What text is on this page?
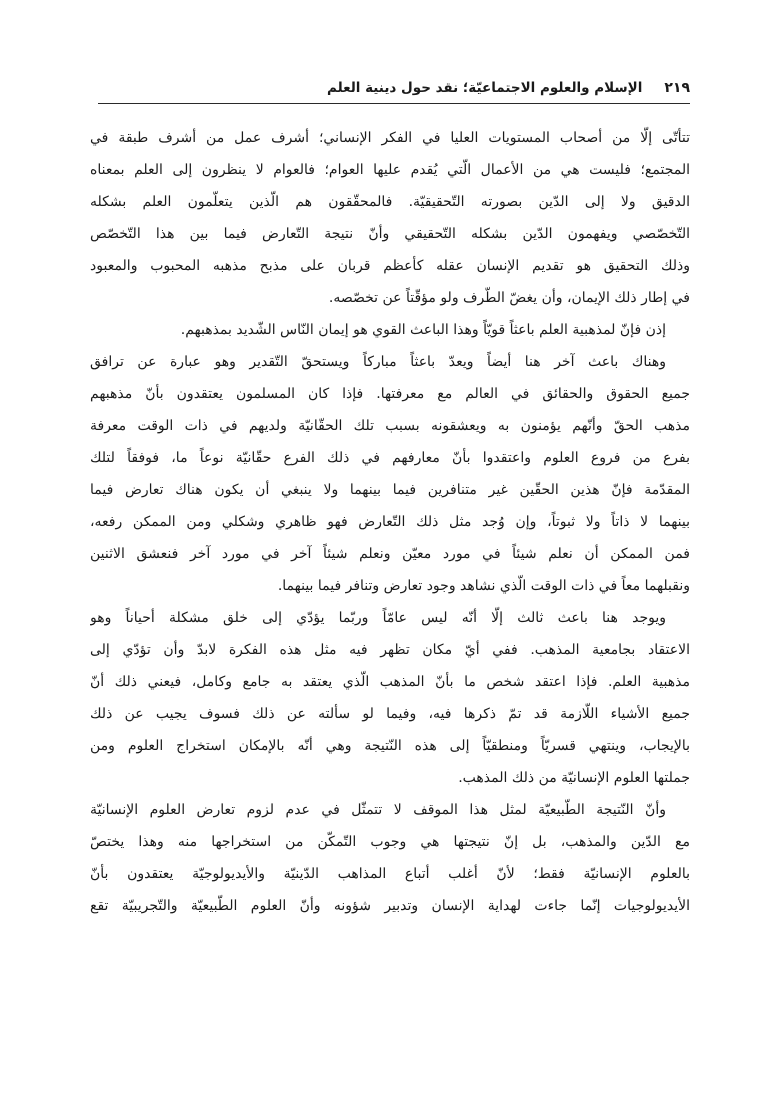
الإسلام والعلوم الاجتماعيّة؛ نقد حول دينية العلم ٢١٩
تتأتّى إلّا من أصحاب المستويات العليا في الفكر الإنساني؛ أشرف عمل من أشرف طبقة في
المجتمع؛ فليست هي من الأعمال الّتي يُقدم عليها العوام؛ فالعوام لا ينظرون إلى العلم بمعناه
الدقيق ولا إلى الدّين بصورته التّحقيقيّة. فالمحقّقون هم الّذين يتعلّمون العلم بشكله
التّخصّصي ويفهمون الدّين بشكله التّحقيقي وأنّ نتيجة التّعارض فيما بين هذا التّخصّص
وذلك التحقيق هو تقديم الإنسان عقله كأعظم قربان على مذبح مذهبه المحبوب والمعبود
في إطار ذلك الإيمان، وأن يغضّ الطّرف ولو مؤقّتاً عن تخصّصه.
إذن فإنّ لمذهبية العلم باعثاً قويّاً وهذا الباعث القوي هو إيمان النّاس الشّديد بمذهبهم.
وهناك باعث آخر هنا أيضاً ويعدّ باعثاً مباركاً ويستحقّ التّقدير وهو عبارة عن ترافق
جميع الحقوق والحقائق في العالم مع معرفتها. فإذا كان المسلمون يعتقدون بأنّ مذهبهم
مذهب الحقّ وأنّهم يؤمنون به ويعشقونه بسبب تلك الحقّانيّة ولديهم في ذات الوقت معرفة
بفرع من فروع العلوم واعتقدوا بأنّ معارفهم في ذلك الفرع حقّانيّة نوعاً ما، فوفقاً لتلك
المقدّمة فإنّ هذين الحقّين غير متنافرين فيما بينهما ولا ينبغي أن يكون هناك تعارض فيما
بينهما لا ذاتاً ولا ثبوتاً، وإن وُجد مثل ذلك التّعارض فهو ظاهري وشكلي ومن الممكن رفعه،
فمن الممكن أن نعلم شيئاً في مورد معيّن ونعلم شيئاً آخر في مورد آخر فنعشق الاثنين
ونقبلهما معاً في ذات الوقت الّذي نشاهد وجود تعارض وتنافر فيما بينهما.
ويوجد هنا باعث ثالث إلّا أنّه ليس عامّاً وربّما يؤدّي إلى خلق مشكلة أحياناً وهو
الاعتقاد بجامعية المذهب. ففي أيّ مكان تظهر فيه مثل هذه الفكرة لابدّ وأن تؤدّي إلى
مذهبية العلم. فإذا اعتقد شخص ما بأنّ المذهب الّذي يعتقد به جامع وكامل، فيعني ذلك أنّ
جميع الأشياء اللّازمة قد تمّ ذكرها فيه، وفيما لو سألته عن ذلك فسوف يجيب عن ذلك
بالإيجاب، وينتهي قسريّاً ومنطقيّاً إلى هذه النّتيجة وهي أنّه بالإمكان استخراج العلوم ومن
جملتها العلوم الإنسانيّة من ذلك المذهب.
وأنّ النّتيجة الطّبيعيّة لمثل هذا الموقف لا تتمثّل في عدم لزوم تعارض العلوم الإنسانيّة
مع الدّين والمذهب، بل إنّ نتيجتها هي وجوب التّمكّن من استخراجها منه وهذا يختصّ
بالعلوم الإنسانيّة فقط؛ لأنّ أغلب أتباع المذاهب الدّينيّة والأيديولوجيّة يعتقدون بأنّ
الأيديولوجيات إنّما جاءت لهداية الإنسان وتدبير شؤونه وأنّ العلوم الطّبيعيّة والتّجريبيّة تقع
